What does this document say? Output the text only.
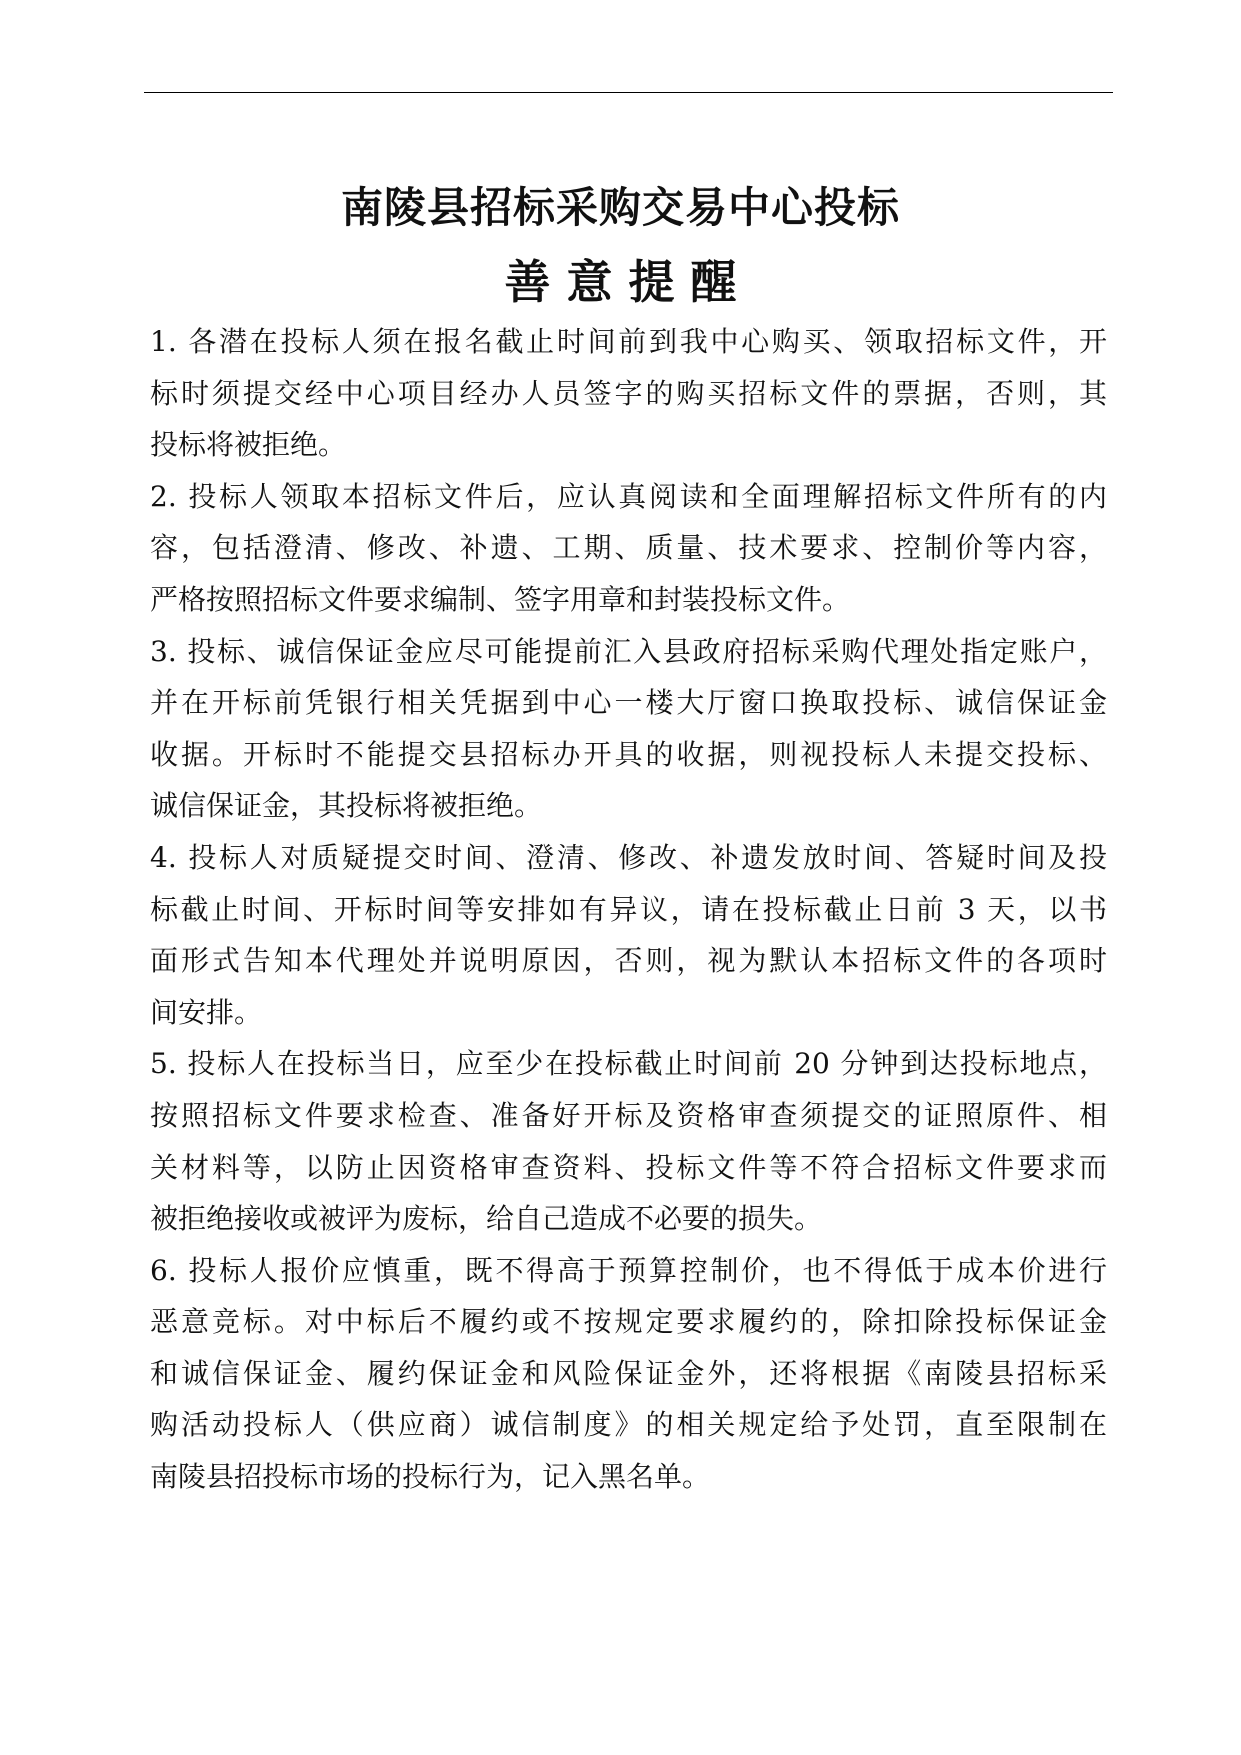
南陵县招标采购交易中心投标
善 意 提 醒
1. 各潜在投标人须在报名截止时间前到我中心购买、领取招标文件，开
标时须提交经中心项目经办人员签字的购买招标文件的票据，否则，其
投标将被拒绝。
2. 投标人领取本招标文件后，应认真阅读和全面理解招标文件所有的内
容，包括澄清、修改、补遗、工期、质量、技术要求、控制价等内容，
严格按照招标文件要求编制、签字用章和封装投标文件。
3. 投标、诚信保证金应尽可能提前汇入县政府招标采购代理处指定账户，
并在开标前凭银行相关凭据到中心一楼大厅窗口换取投标、诚信保证金
收据。开标时不能提交县招标办开具的收据，则视投标人未提交投标、
诚信保证金，其投标将被拒绝。
4. 投标人对质疑提交时间、澄清、修改、补遗发放时间、答疑时间及投
标截止时间、开标时间等安排如有异议，请在投标截止日前 3 天，以书
面形式告知本代理处并说明原因，否则，视为默认本招标文件的各项时
间安排。
5. 投标人在投标当日，应至少在投标截止时间前 20 分钟到达投标地点，
按照招标文件要求检查、准备好开标及资格审查须提交的证照原件、相
关材料等，以防止因资格审查资料、投标文件等不符合招标文件要求而
被拒绝接收或被评为废标，给自己造成不必要的损失。
6. 投标人报价应慎重，既不得高于预算控制价，也不得低于成本价进行
恶意竞标。对中标后不履约或不按规定要求履约的，除扣除投标保证金
和诚信保证金、履约保证金和风险保证金外，还将根据《南陵县招标采
购活动投标人（供应商）诚信制度》的相关规定给予处罚，直至限制在
南陵县招投标市场的投标行为，记入黑名单。
